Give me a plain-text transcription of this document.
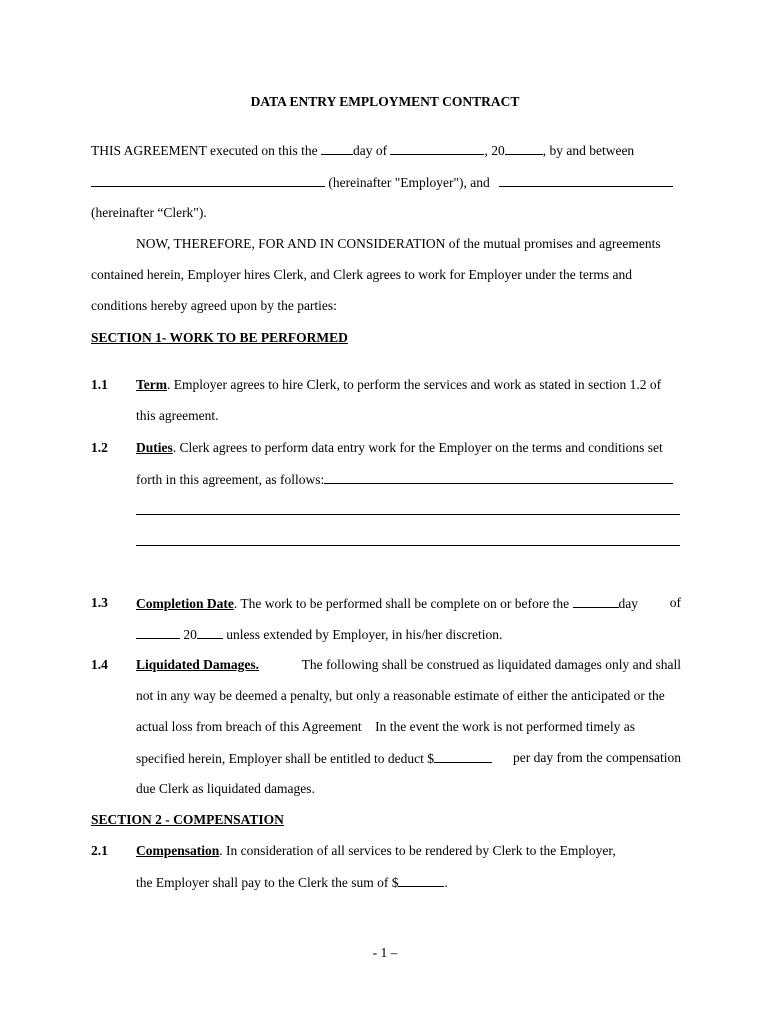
DATA ENTRY EMPLOYMENT CONTRACT
THIS AGREEMENT executed on this the	day of	, 20	, by and between
(hereinafter "Employer"), and
(hereinafter “Clerk").
NOW, THEREFORE, FOR AND IN CONSIDERATION of the mutual promises and agreements
contained herein, Employer hires Clerk, and Clerk agrees to work for Employer under the terms and
conditions hereby agreed upon by the parties:
SECTION 1- WORK TO BE PERFORMED
1.1 Term. Employer agrees to hire Clerk, to perform the services and work as stated in section 1.2 of
this agreement.
1.2 Duties. Clerk agrees to perform data entry work for the Employer on the terms and conditions set
forth in this agreement, as follows:
1.3 Completion Date. The work to be performed shall be complete on or before the	day of
20 unless extended by Employer, in his/her discretion.
1.4 Liquidated Damages.	The following shall be construed as liquidated damages only and shall
not in any way be deemed a penalty, but only a reasonable estimate of either the anticipated or the
actual loss from breach of this Agreement    In the event the work is not performed timely as
specified herein, Employer shall be entitled to deduct $	per day from the compensation
due Clerk as liquidated damages.
SECTION 2 - COMPENSATION
2.1 Compensation. In consideration of all services to be rendered by Clerk to the Employer,
the Employer shall pay to the Clerk the sum of $	.
- 1 –
